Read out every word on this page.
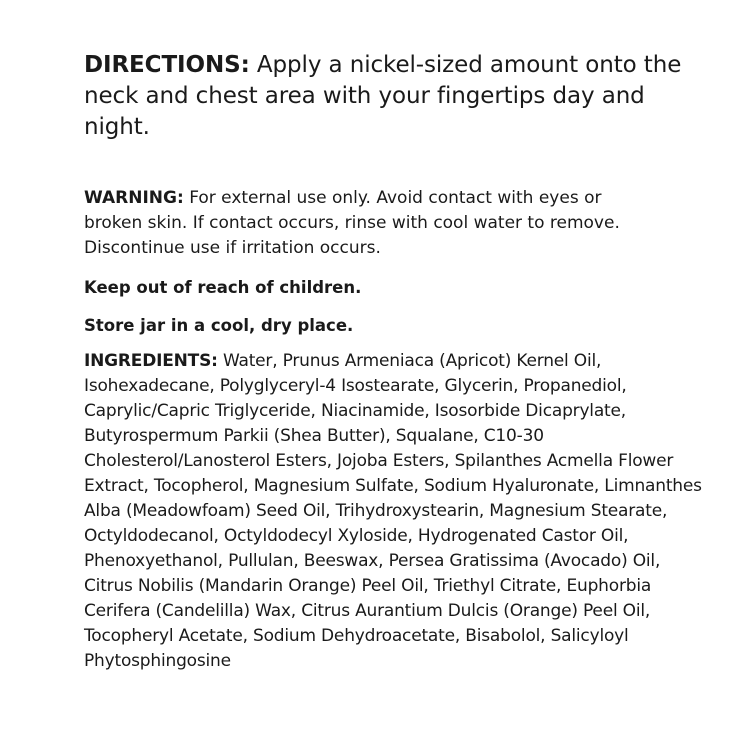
DIRECTIONS: Apply a nickel-sized amount onto the neck and chest area with your fingertips day and night.

WARNING: For external use only. Avoid contact with eyes or broken skin. If contact occurs, rinse with cool water to remove. Discontinue use if irritation occurs.

Keep out of reach of children.

Store jar in a cool, dry place.

INGREDIENTS: Water, Prunus Armeniaca (Apricot) Kernel Oil, Isohexadecane, Polyglyceryl-4 Isostearate, Glycerin, Propanediol, Caprylic/Capric Triglyceride, Niacinamide, Isosorbide Dicaprylate, Butyrospermum Parkii (Shea Butter), Squalane, C10-30 Cholesterol/Lanosterol Esters, Jojoba Esters, Spilanthes Acmella Flower Extract, Tocopherol, Magnesium Sulfate, Sodium Hyaluronate, Limnanthes Alba (Meadowfoam) Seed Oil, Trihydroxystearin, Magnesium Stearate, Octyldodecanol, Octyldodecyl Xyloside, Hydrogenated Castor Oil, Phenoxyethanol, Pullulan, Beeswax, Persea Gratissima (Avocado) Oil, Citrus Nobilis (Mandarin Orange) Peel Oil, Triethyl Citrate, Euphorbia Cerifera (Candelilla) Wax, Citrus Aurantium Dulcis (Orange) Peel Oil, Tocopheryl Acetate, Sodium Dehydroacetate, Bisabolol, Salicyloyl Phytosphingosine
